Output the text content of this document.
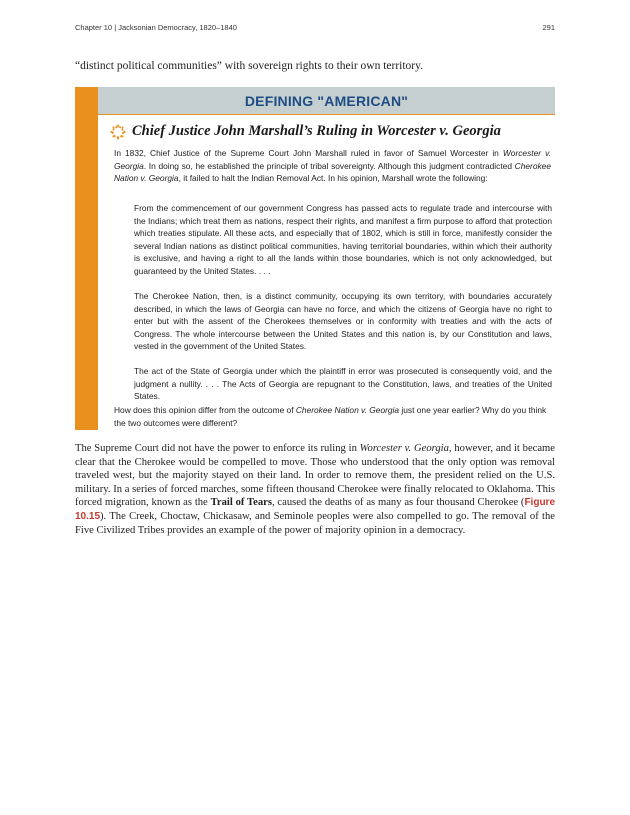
Chapter 10 | Jacksonian Democracy, 1820–1840	291
“distinct political communities” with sovereign rights to their own territory.
DEFINING "AMERICAN"
Chief Justice John Marshall’s Ruling in Worcester v. Georgia
In 1832, Chief Justice of the Supreme Court John Marshall ruled in favor of Samuel Worcester in Worcester v. Georgia. In doing so, he established the principle of tribal sovereignty. Although this judgment contradicted Cherokee Nation v. Georgia, it failed to halt the Indian Removal Act. In his opinion, Marshall wrote the following:
From the commencement of our government Congress has passed acts to regulate trade and intercourse with the Indians; which treat them as nations, respect their rights, and manifest a firm purpose to afford that protection which treaties stipulate. All these acts, and especially that of 1802, which is still in force, manifestly consider the several Indian nations as distinct political communities, having territorial boundaries, within which their authority is exclusive, and having a right to all the lands within those boundaries, which is not only acknowledged, but guaranteed by the United States. . . .
The Cherokee Nation, then, is a distinct community, occupying its own territory, with boundaries accurately described, in which the laws of Georgia can have no force, and which the citizens of Georgia have no right to enter but with the assent of the Cherokees themselves or in conformity with treaties and with the acts of Congress. The whole intercourse between the United States and this nation is, by our Constitution and laws, vested in the government of the United States.
The act of the State of Georgia under which the plaintiff in error was prosecuted is consequently void, and the judgment a nullity. . . . The Acts of Georgia are repugnant to the Constitution, laws, and treaties of the United States.
How does this opinion differ from the outcome of Cherokee Nation v. Georgia just one year earlier? Why do you think the two outcomes were different?
The Supreme Court did not have the power to enforce its ruling in Worcester v. Georgia, however, and it became clear that the Cherokee would be compelled to move. Those who understood that the only option was removal traveled west, but the majority stayed on their land. In order to remove them, the president relied on the U.S. military. In a series of forced marches, some fifteen thousand Cherokee were finally relocated to Oklahoma. This forced migration, known as the Trail of Tears, caused the deaths of as many as four thousand Cherokee (Figure 10.15). The Creek, Choctaw, Chickasaw, and Seminole peoples were also compelled to go. The removal of the Five Civilized Tribes provides an example of the power of majority opinion in a democracy.
